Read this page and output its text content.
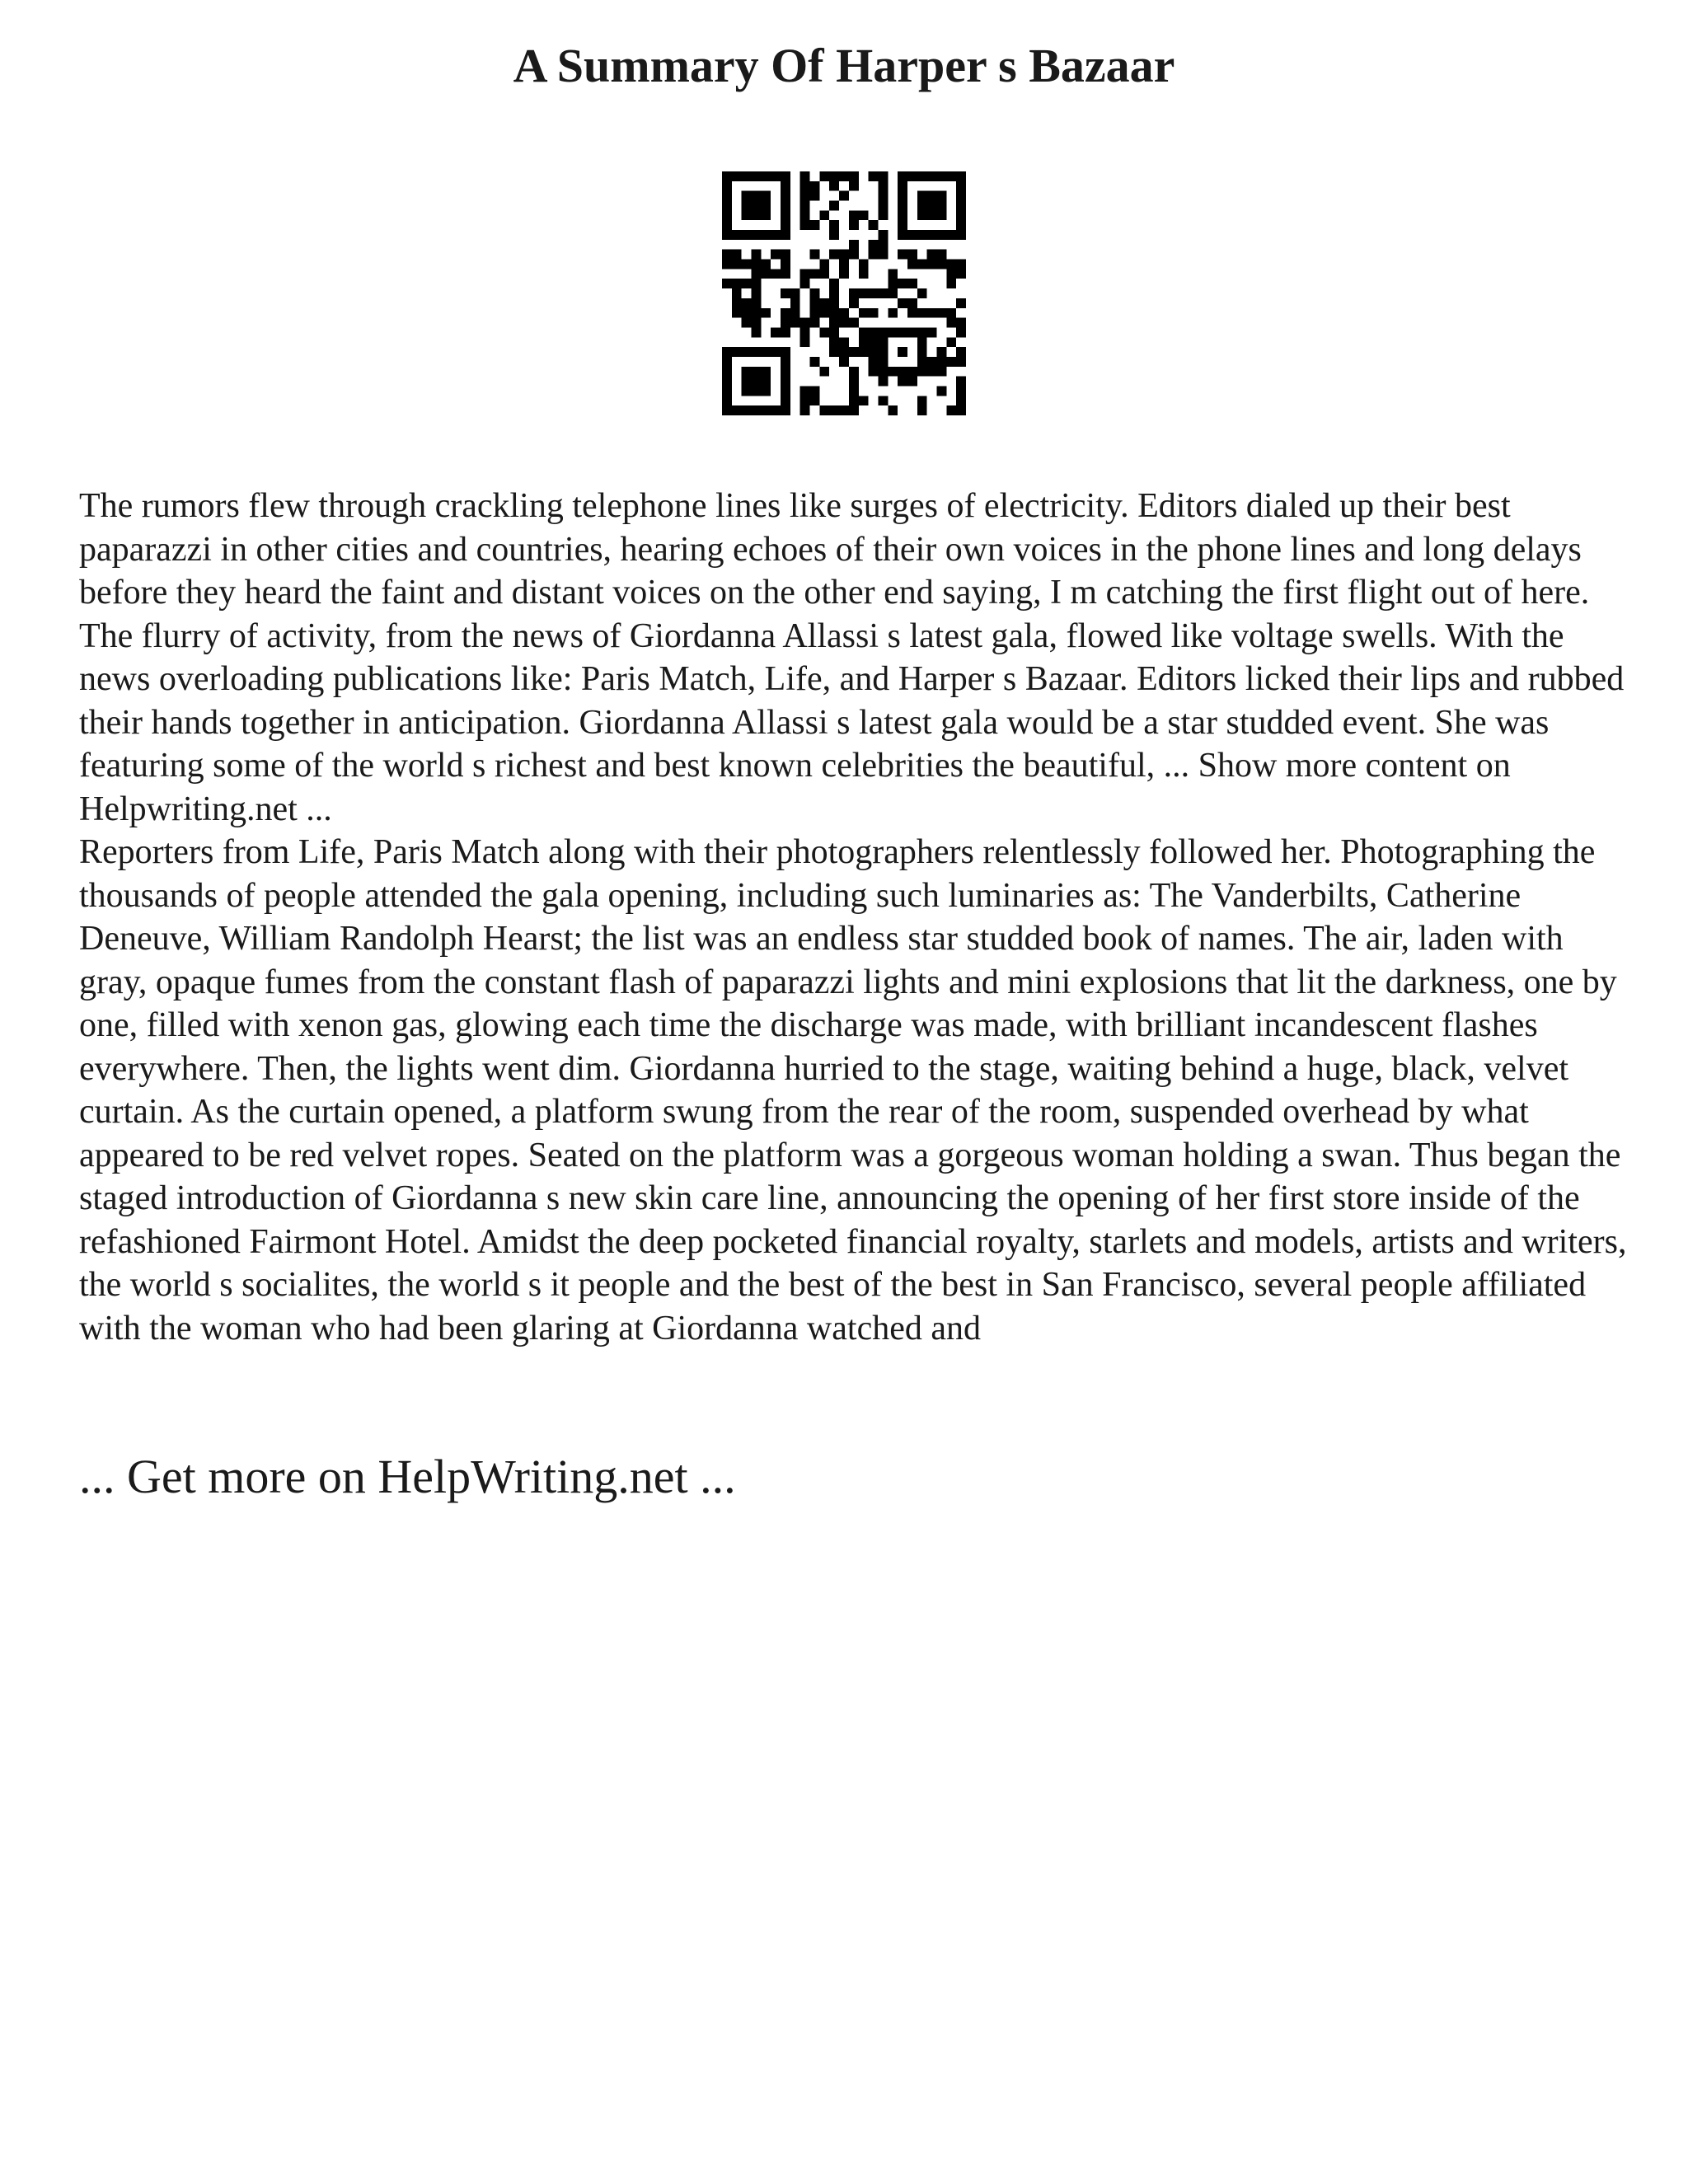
A Summary Of Harper s Bazaar

The rumors flew through crackling telephone lines like surges of electricity. Editors dialed up their best paparazzi in other cities and countries, hearing echoes of their own voices in the phone lines and long delays before they heard the faint and distant voices on the other end saying, I m catching the first flight out of here. The flurry of activity, from the news of Giordanna Allassi s latest gala, flowed like voltage swells. With the news overloading publications like: Paris Match, Life, and Harper s Bazaar. Editors licked their lips and rubbed their hands together in anticipation. Giordanna Allassi s latest gala would be a star studded event. She was featuring some of the world s richest and best known celebrities the beautiful, ... Show more content on Helpwriting.net ...

Reporters from Life, Paris Match along with their photographers relentlessly followed her. Photographing the thousands of people attended the gala opening, including such luminaries as: The Vanderbilts, Catherine Deneuve, William Randolph Hearst; the list was an endless star studded book of names. The air, laden with gray, opaque fumes from the constant flash of paparazzi lights and mini explosions that lit the darkness, one by one, filled with xenon gas, glowing each time the discharge was made, with brilliant incandescent flashes everywhere. Then, the lights went dim. Giordanna hurried to the stage, waiting behind a huge, black, velvet curtain. As the curtain opened, a platform swung from the rear of the room, suspended overhead by what appeared to be red velvet ropes. Seated on the platform was a gorgeous woman holding a swan. Thus began the staged introduction of Giordanna s new skin care line, announcing the opening of her first store inside of the refashioned Fairmont Hotel. Amidst the deep pocketed financial royalty, starlets and models, artists and writers, the world s socialites, the world s it people and the best of the best in San Francisco, several people affiliated with the woman who had been glaring at Giordanna watched and

... Get more on HelpWriting.net ...
